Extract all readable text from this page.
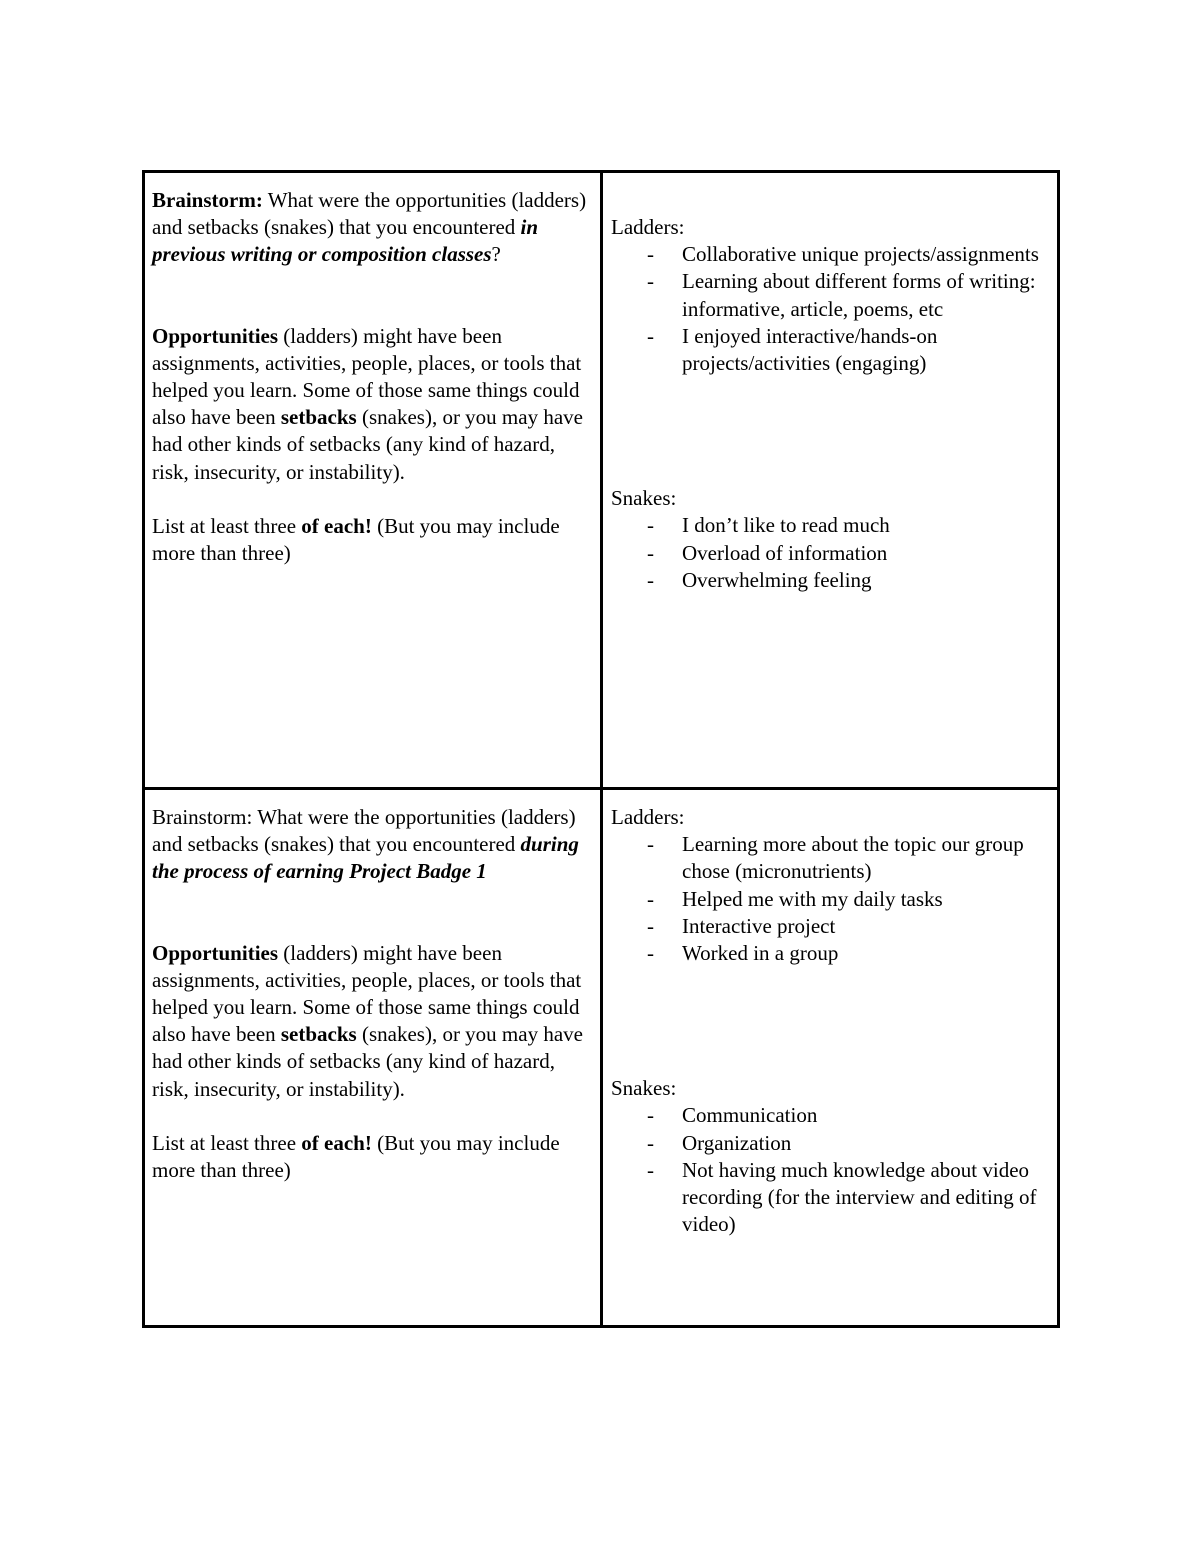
Brainstorm: What were the opportunities (ladders) and setbacks (snakes) that you encountered in previous writing or composition classes?

Opportunities (ladders) might have been assignments, activities, people, places, or tools that helped you learn. Some of those same things could also have been setbacks (snakes), or you may have had other kinds of setbacks (any kind of hazard, risk, insecurity, or instability).

List at least three of each! (But you may include more than three)

Ladders:

- Collaborative unique projects/assignments
- Learning about different forms of writing: informative, article, poems, etc
- I enjoyed interactive/hands-on projects/activities (engaging)

Snakes:

- I don’t like to read much
- Overload of information
- Overwhelming feeling

Brainstorm: What were the opportunities (ladders) and setbacks (snakes) that you encountered during the process of earning Project Badge 1

Opportunities (ladders) might have been assignments, activities, people, places, or tools that helped you learn. Some of those same things could also have been setbacks (snakes), or you may have had other kinds of setbacks (any kind of hazard, risk, insecurity, or instability).

List at least three of each! (But you may include more than three)

Ladders:

- Learning more about the topic our group chose (micronutrients)
- Helped me with my daily tasks
- Interactive project
- Worked in a group

Snakes:

- Communication
- Organization
- Not having much knowledge about video recording (for the interview and editing of video)
